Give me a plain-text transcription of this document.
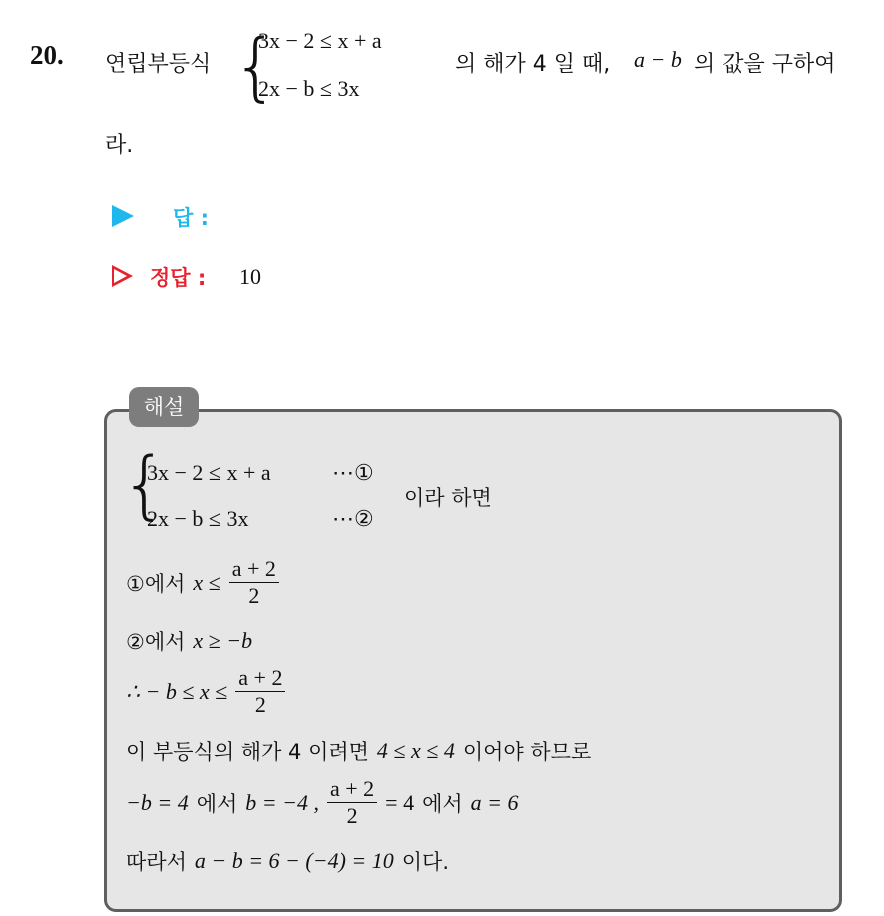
20. 연립부등식 {
3x − 2 ≤ x + a
2x − b ≤ 3x
의 해가 4 일 때, a − b 의 값을 구하여
라.
답 :
정답 : 10
해설
{
3x − 2 ≤ x + a	⋯①
2x − b ≤ 3x	⋯②
이라 하면
①에서 $x \le \frac{a + 2}{2}$
②에서 x ≥ −b
∴ − $b \le x \le \frac{a + 2}{2}$
이 부등식의 해가 4 이려면 4 ≤ x ≤ 4 이어야 하므로
−b = 4 에서 b = −4 , $\frac{a + 2}{2} = 4$ 에서 a = 6
따라서 a − b = 6 − (−4) = 10 이다.
